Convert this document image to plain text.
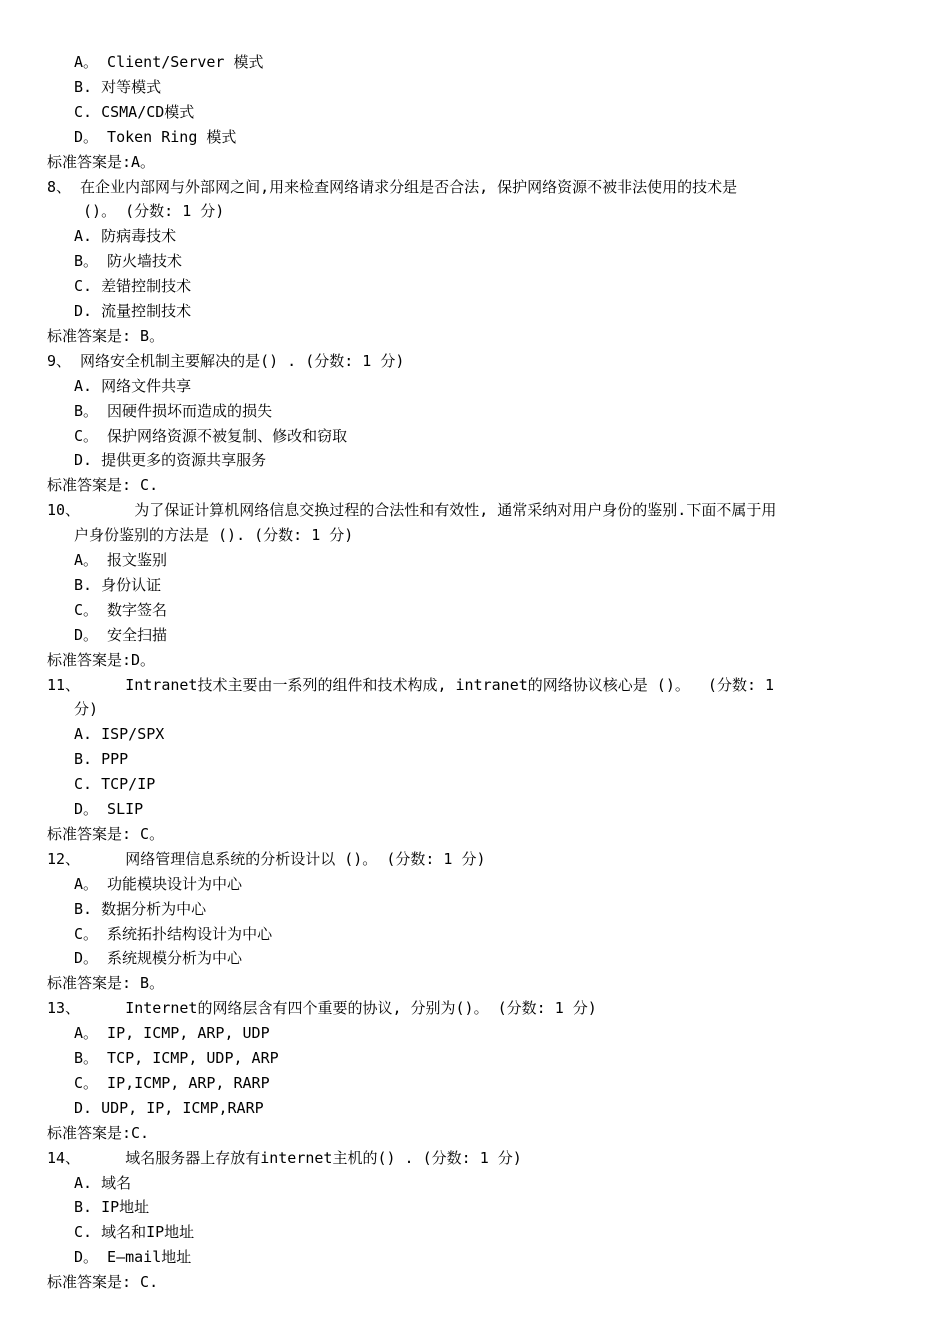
A。 Client/Server 模式
B. 对等模式
C. CSMA/CD模式
D。 Token Ring 模式
标准答案是:A。
8、 在企业内部网与外部网之间,用来检查网络请求分组是否合法, 保护网络资源不被非法使用的技术是
()。 (分数: 1 分)
A. 防病毒技术
B。 防火墙技术
C. 差错控制技术
D. 流量控制技术
标准答案是: B。
9、 网络安全机制主要解决的是() . (分数: 1 分)
A. 网络文件共享
B。 因硬件损坏而造成的损失
C。 保护网络资源不被复制、修改和窃取
D. 提供更多的资源共享服务
标准答案是: C.
10、      为了保证计算机网络信息交换过程的合法性和有效性, 通常采纳对用户身份的鉴别.下面不属于用
户身份鉴别的方法是 (). (分数: 1 分)
A。 报文鉴别
B. 身份认证
C。 数字签名
D。 安全扫描
标准答案是:D。
11、     Intranet技术主要由一系列的组件和技术构成, intranet的网络协议核心是 ()。  (分数: 1
分)
A. ISP/SPX
B. PPP
C. TCP/IP
D。 SLIP
标准答案是: C。
12、     网络管理信息系统的分析设计以 ()。 (分数: 1 分)
A。 功能模块设计为中心
B. 数据分析为中心
C。 系统拓扑结构设计为中心
D。 系统规模分析为中心
标准答案是: B。
13、     Internet的网络层含有四个重要的协议, 分别为()。 (分数: 1 分)
A。 IP, ICMP, ARP, UDP
B。 TCP, ICMP, UDP, ARP
C。 IP,ICMP, ARP, RARP
D. UDP, IP, ICMP,RARP
标准答案是:C.
14、     域名服务器上存放有internet主机的() . (分数: 1 分)
A. 域名
B. IP地址
C. 域名和IP地址
D。 E—mail地址
标准答案是: C.
